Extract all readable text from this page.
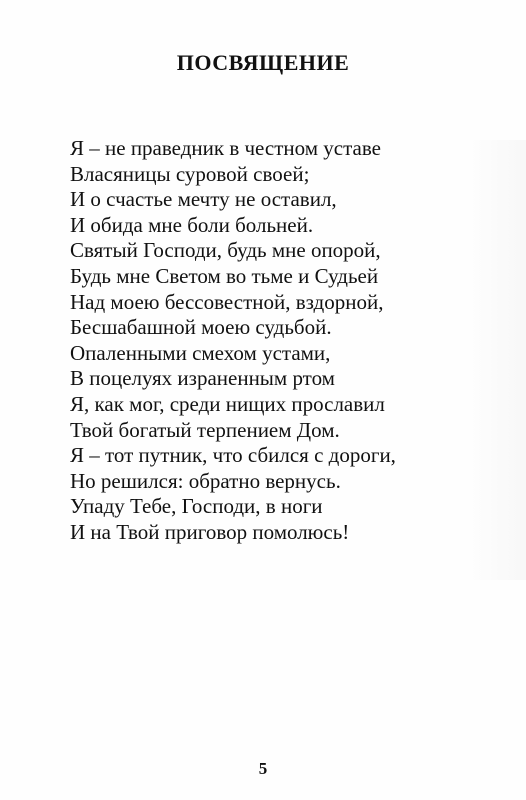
ПОСВЯЩЕНИЕ
Я – не праведник в честном уставе
Власяницы суровой своей;
И о счастье мечту не оставил,
И обида мне боли больней.
Святый Господи, будь мне опорой,
Будь мне Светом во тьме и Судьей
Над моею бессовестной, вздорной,
Бесшабашной моею судьбой.
Опаленными смехом устами,
В поцелуях израненным ртом
Я, как мог, среди нищих прославил
Твой богатый терпением Дом.
Я – тот путник, что сбился с дороги,
Но решился: обратно вернусь.
Упаду Тебе, Господи, в ноги
И на Твой приговор помолюсь!
5
